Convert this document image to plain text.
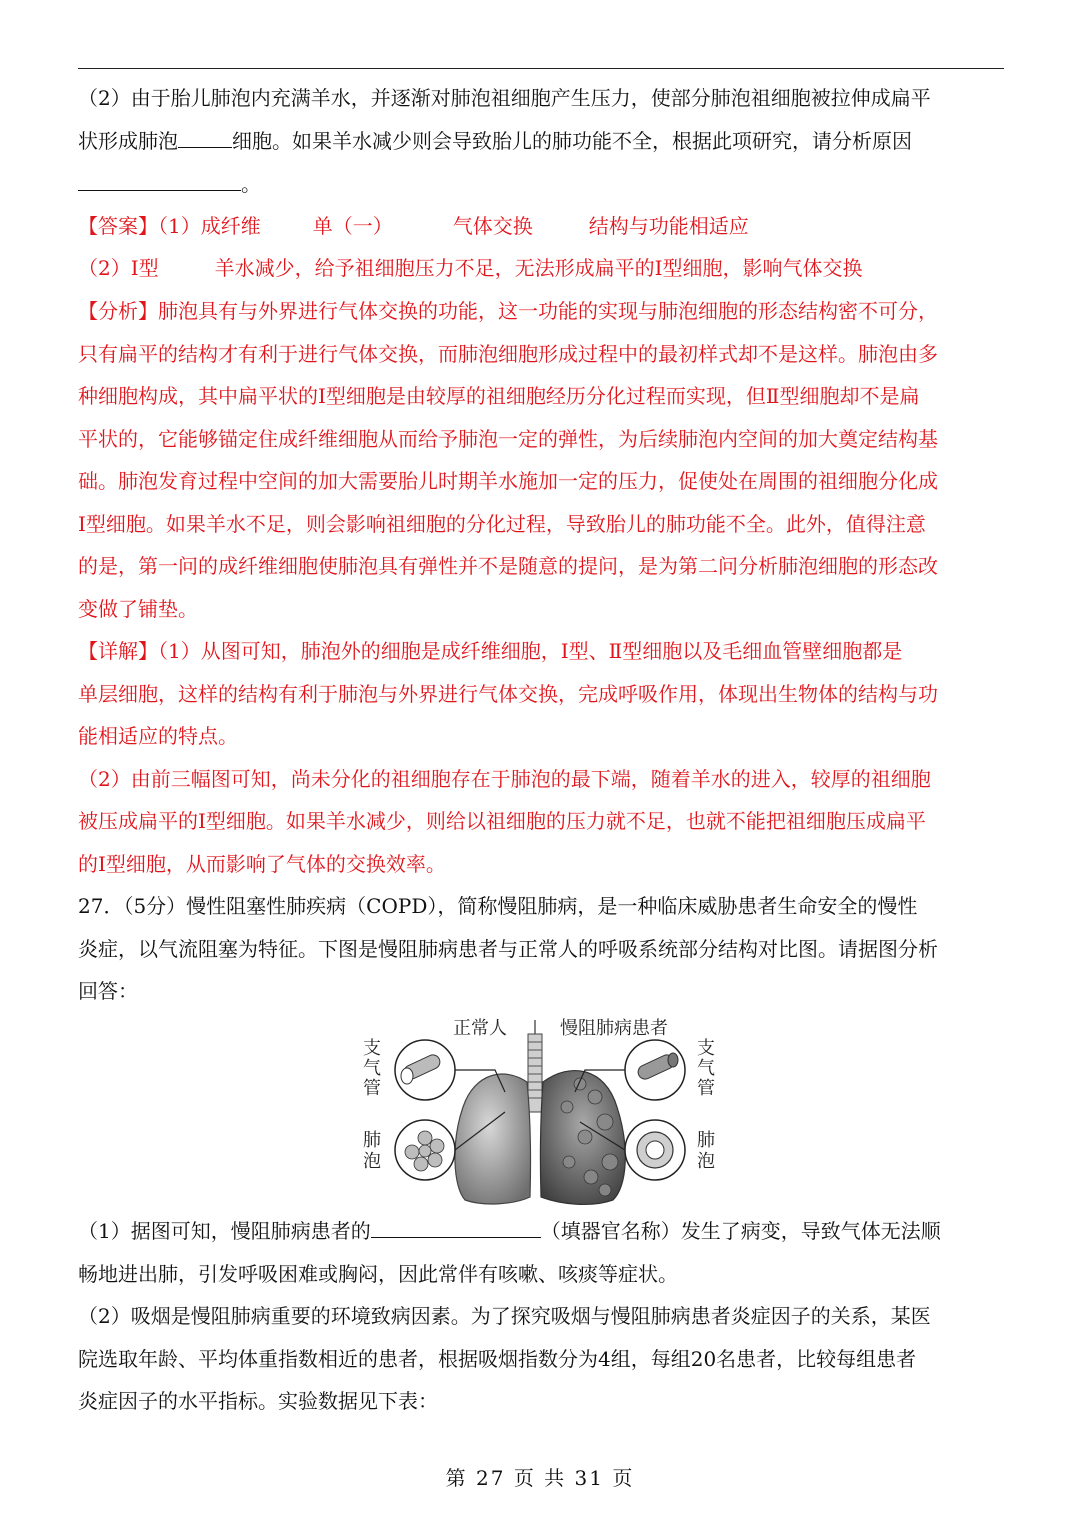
（2）由于胎儿肺泡内充满羊水，并逐渐对肺泡祖细胞产生压力，使部分肺泡祖细胞被拉伸成扁平
状形成肺泡	细胞。如果羊水减少则会导致胎儿的肺功能不全，根据此项研究，请分析原因
。
【答案】（1）成纤维	单（一）	气体交换	结构与功能相适应
（2）Ⅰ型	羊水减少，给予祖细胞压力不足，无法形成扁平的Ⅰ型细胞，影响气体交换
【分析】肺泡具有与外界进行气体交换的功能，这一功能的实现与肺泡细胞的形态结构密不可分，
只有扁平的结构才有利于进行气体交换，而肺泡细胞形成过程中的最初样式却不是这样。肺泡由多
种细胞构成，其中扁平状的Ⅰ型细胞是由较厚的祖细胞经历分化过程而实现，但Ⅱ型细胞却不是扁
平状的，它能够锚定住成纤维细胞从而给予肺泡一定的弹性，为后续肺泡内空间的加大奠定结构基
础。肺泡发育过程中空间的加大需要胎儿时期羊水施加一定的压力，促使处在周围的祖细胞分化成
Ⅰ型细胞。如果羊水不足，则会影响祖细胞的分化过程，导致胎儿的肺功能不全。此外，值得注意
的是，第一问的成纤维细胞使肺泡具有弹性并不是随意的提问，是为第二问分析肺泡细胞的形态改
变做了铺垫。
【详解】（1）从图可知，肺泡外的细胞是成纤维细胞，Ⅰ型、Ⅱ型细胞以及毛细血管壁细胞都是
单层细胞，这样的结构有利于肺泡与外界进行气体交换，完成呼吸作用，体现出生物体的结构与功
能相适应的特点。
（2）由前三幅图可知，尚未分化的祖细胞存在于肺泡的最下端，随着羊水的进入，较厚的祖细胞
被压成扁平的Ⅰ型细胞。如果羊水减少，则给以祖细胞的压力就不足，也就不能把祖细胞压成扁平
的Ⅰ型细胞，从而影响了气体的交换效率。
27．（5分）慢性阻塞性肺疾病（COPD），简称慢阻肺病，是一种临床威胁患者生命安全的慢性
炎症，以气流阻塞为特征。下图是慢阻肺病患者与正常人的呼吸系统部分结构对比图。请据图分析
回答：
正常人	慢阻肺病患者
支
气
管
肺
泡
支
气
管
肺
泡
（1）据图可知，慢阻肺病患者的	（填器官名称）发生了病变，导致气体无法顺
畅地进出肺，引发呼吸困难或胸闷，因此常伴有咳嗽、咳痰等症状。
（2）吸烟是慢阻肺病重要的环境致病因素。为了探究吸烟与慢阻肺病患者炎症因子的关系，某医
院选取年龄、平均体重指数相近的患者，根据吸烟指数分为4组，每组20名患者，比较每组患者
炎症因子的水平指标。实验数据见下表：
第 27 页 共 31 页
